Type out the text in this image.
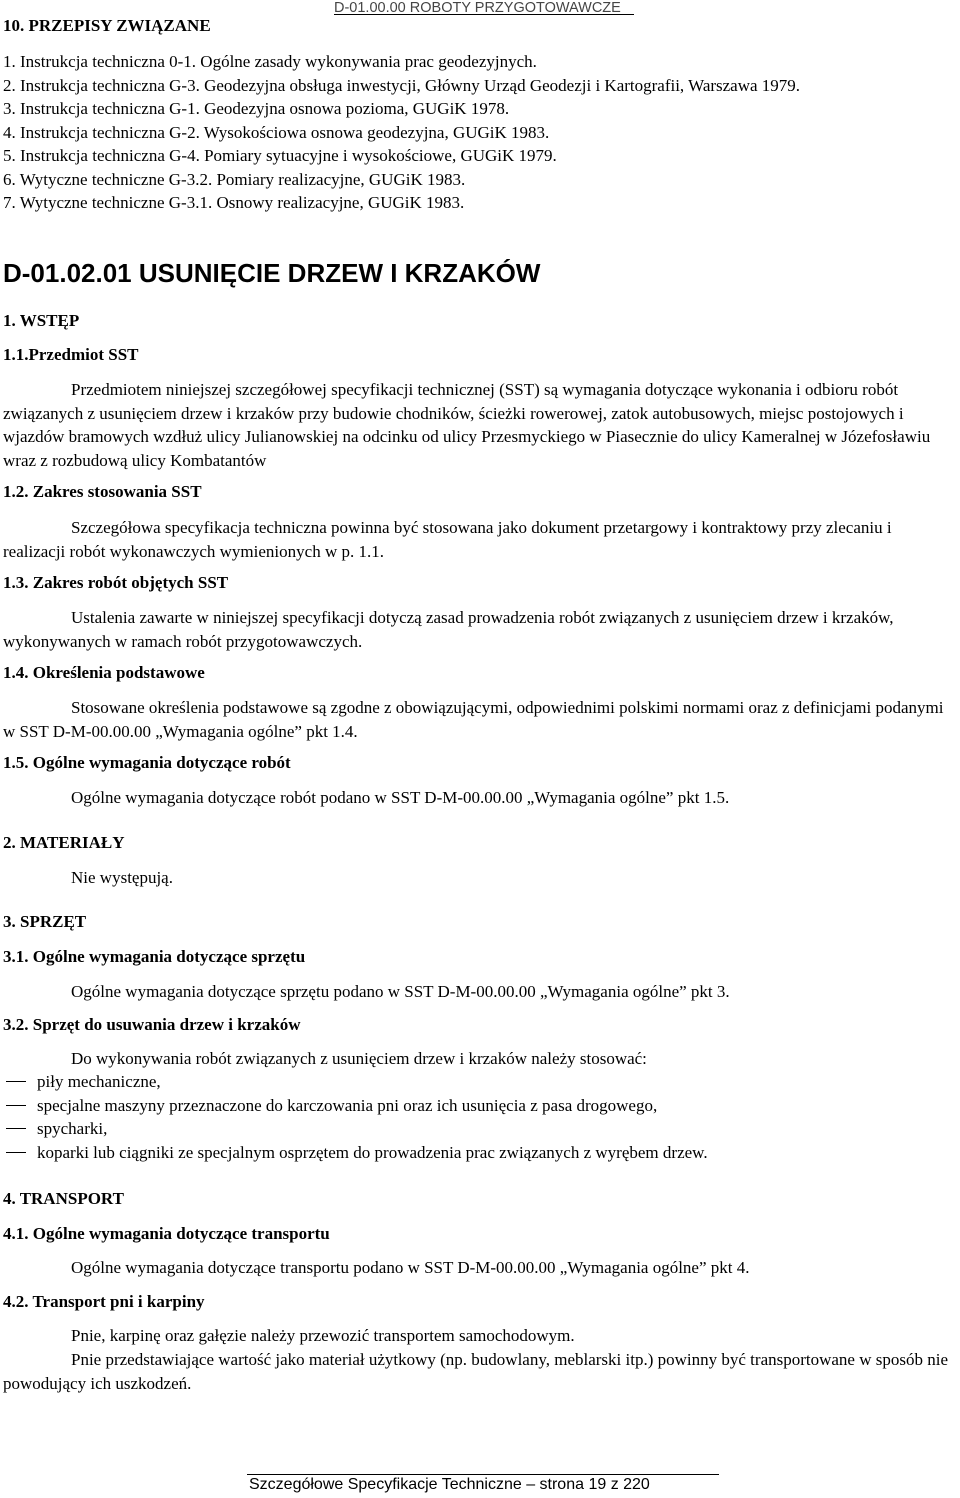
D-01.00.00 ROBOTY PRZYGOTOWAWCZE
10. PRZEPISY ZWIĄZANE
1. Instrukcja techniczna 0-1. Ogólne zasady wykonywania prac geodezyjnych.
2. Instrukcja techniczna G-3. Geodezyjna obsługa inwestycji, Główny Urząd Geodezji i Kartografii, Warszawa 1979.
3. Instrukcja techniczna G-1. Geodezyjna osnowa pozioma, GUGiK 1978.
4. Instrukcja techniczna G-2. Wysokościowa osnowa geodezyjna, GUGiK 1983.
5. Instrukcja techniczna G-4. Pomiary sytuacyjne i wysokościowe, GUGiK 1979.
6. Wytyczne techniczne G-3.2. Pomiary realizacyjne, GUGiK 1983.
7. Wytyczne techniczne G-3.1. Osnowy realizacyjne, GUGiK 1983.
D-01.02.01 USUNIĘCIE DRZEW I KRZAKÓW
1. WSTĘP
1.1.Przedmiot SST

Przedmiotem niniejszej szczegółowej specyfikacji technicznej (SST) są wymagania dotyczące wykonania i odbioru robót związanych z usunięciem drzew i krzaków przy budowie chodników, ścieżki rowerowej, zatok autobusowych, miejsc postojowych i wjazdów bramowych wzdłuż ulicy Julianowskiej na odcinku od ulicy Przesmyckiego w Piasecznie do ulicy Kameralnej w Józefosławiu wraz z rozbudową ulicy Kombatantów

1.2. Zakres stosowania SST

Szczegółowa specyfikacja techniczna powinna być stosowana jako dokument przetargowy i kontraktowy przy zlecaniu i realizacji robót wykonawczych wymienionych w p. 1.1.

1.3. Zakres robót objętych SST

Ustalenia zawarte w niniejszej specyfikacji dotyczą zasad prowadzenia robót związanych z usunięciem drzew i krzaków, wykonywanych w ramach robót przygotowawczych.

1.4. Określenia podstawowe

Stosowane określenia podstawowe są zgodne z obowiązującymi, odpowiednimi polskimi normami oraz z definicjami podanymi w SST D-M-00.00.00 „Wymagania ogólne” pkt 1.4.

1.5. Ogólne wymagania dotyczące robót
Ogólne wymagania dotyczące robót podano w SST D-M-00.00.00 „Wymagania ogólne” pkt 1.5.
2. MATERIAŁY
Nie występują.
3. SPRZĘT
3.1. Ogólne wymagania dotyczące sprzętu
Ogólne wymagania dotyczące sprzętu podano w SST D-M-00.00.00 „Wymagania ogólne” pkt 3.
3.2. Sprzęt do usuwania drzew i krzaków
Do wykonywania robót związanych z usunięciem drzew i krzaków należy stosować:
piły mechaniczne,
specjalne maszyny przeznaczone do karczowania pni oraz ich usunięcia z pasa drogowego,
spycharki,
koparki lub ciągniki ze specjalnym osprzętem do prowadzenia prac związanych z wyrębem drzew.
4. TRANSPORT
4.1. Ogólne wymagania dotyczące transportu
Ogólne wymagania dotyczące transportu podano w SST D-M-00.00.00 „Wymagania ogólne” pkt 4.
4.2. Transport pni i karpiny
Pnie, karpinę oraz gałęzie należy przewozić transportem samochodowym.

Pnie przedstawiające wartość jako materiał użytkowy (np. budowlany, meblarski itp.) powinny być transportowane w sposób nie powodujący ich uszkodzeń.

Szczegółowe Specyfikacje Techniczne – strona 19 z 220
